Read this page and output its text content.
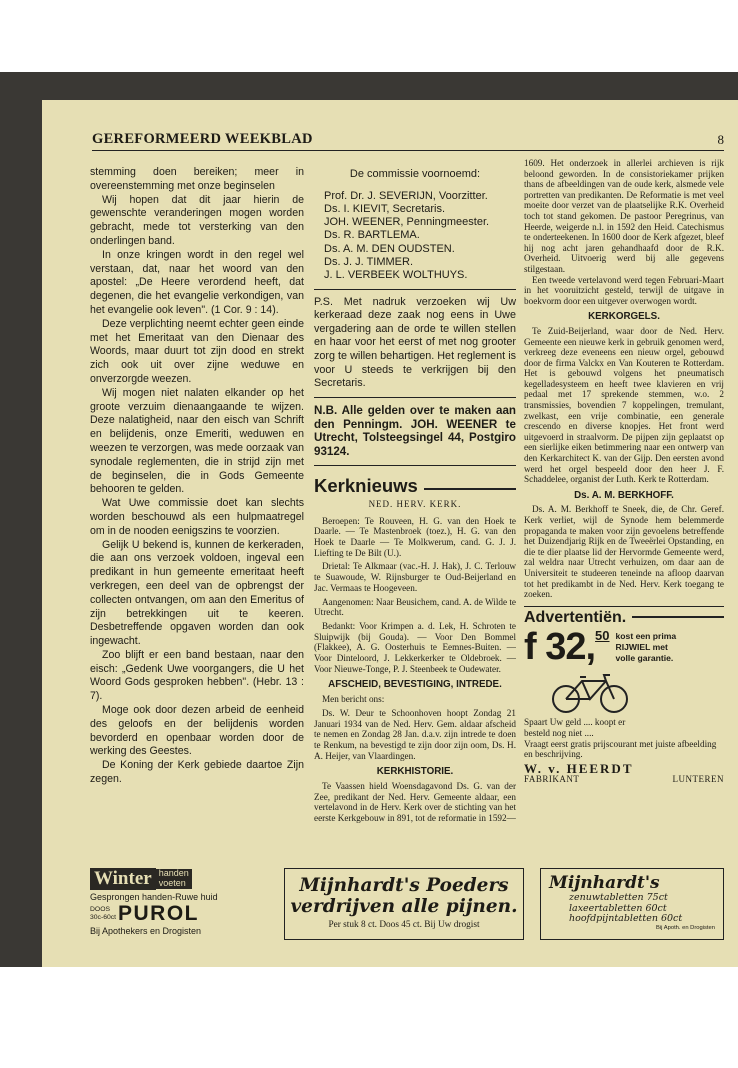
GEREFORMEERD WEEKBLAD	8

stemming doen bereiken; meer in overeenstemming met onze beginselen

Wij hopen dat dit jaar hierin de gewenschte veranderingen mogen worden gebracht, mede tot versterking van den onderlingen band.

In onze kringen wordt in den regel wel verstaan, dat, naar het woord van den apostel: „De Heere verordend heeft, dat degenen, die het evangelie verkondigen, van het evangelie ook leven". (1 Cor. 9 : 14).

Deze verplichting neemt echter geen einde met het Emeritaat van den Dienaar des Woords, maar duurt tot zijn dood en strekt zich ook uit over zijne weduwe en onverzorgde weezen.

Wij mogen niet nalaten elkander op het groote verzuim dienaangaande te wijzen. Deze nalatigheid, naar den eisch van Schrift en belijdenis, onze Emeriti, weduwen en weezen te verzorgen, was mede oorzaak van synodale reglementen, die in strijd zijn met de beginselen, die in Gods Gemeente behooren te gelden.

Wat Uwe commissie doet kan slechts worden beschouwd als een hulpmaatregel om in de nooden eenigszins te voorzien.

Gelijk U bekend is, kunnen de kerkeraden, die aan ons verzoek voldoen, ingeval een predikant in hun gemeente emeritaat heeft verkregen, een deel van de opbrengst der collecten ontvangen, om aan den Emeritus of zijn betrekkingen uit te keeren. Desbetreffende opgaven worden dan ook ingewacht.

Zoo blijft er een band bestaan, naar den eisch: „Gedenk Uwe voorgangers, die U het Woord Gods gesproken hebben". (Hebr. 13 : 7).

Moge ook door dezen arbeid de eenheid des geloofs en der belijdenis worden bevorderd en openbaar worden door de werking des Geestes.

De Koning der Kerk gebiede daartoe Zijn zegen.

De commissie voornoemd:

Prof. Dr. J. SEVERIJN, Voorzitter.

Ds. I. KIEVIT, Secretaris.

JOH. WEENER, Penningmeester.

Ds. R. BARTLEMA.

Ds. A. M. DEN OUDSTEN.

Ds. J. J. TIMMER.

J. L. VERBEEK WOLTHUYS.

P.S. Met nadruk verzoeken wij Uw kerkeraad deze zaak nog eens in Uwe vergadering aan de orde te willen stellen en haar voor het eerst of met nog grooter zorg te willen behartigen. Het reglement is voor U steeds te verkrijgen bij den Secretaris.

N.B. Alle gelden over te maken aan den Penningm. JOH. WEENER te Utrecht, Tolsteegsingel 44, Postgiro 93124.

Kerknieuws
NED. HERV. KERK.

Beroepen: Te Rouveen, H. G. van den Hoek te Daarle. — Te Mastenbroek (toez.), H. G. van den Hoek te Daarle — Te Molkwerum, cand. G. J. J. Liefting te De Bilt (U.).

Drietal: Te Alkmaar (vac.-H. J. Hak), J. C. Terlouw te Suawoude, W. Rijnsburger te Oud-Beijerland en Jac. Vermaas te Hoogeveen.

Aangenomen: Naar Beusichem, cand. A. de Wilde te Utrecht.

Bedankt: Voor Krimpen a. d. Lek, H. Schroten te Sluipwijk (bij Gouda). — Voor Den Bommel (Flakkee), A. G. Oosterhuis te Eemnes-Buiten. — Voor Dinteloord, J. Lekkerkerker te Oldebroek. — Voor Nieuwe-Tonge, P. J. Steenbeek te Oudewater.

AFSCHEID, BEVESTIGING, INTREDE.

Men bericht ons:

Ds. W. Deur te Schoonhoven hoopt Zondag 21 Januari 1934 van de Ned. Herv. Gem. aldaar afscheid te nemen en Zondag 28 Jan. d.a.v. zijn intrede te doen te Renkum, na bevestigd te zijn door zijn oom, Ds. H. A. Heijer, van Vlaardingen.

KERKHISTORIE.

Te Vaassen hield Woensdagavond Ds. G. van der Zee, predikant der Ned. Herv. Gemeente aldaar, een vertelavond in de Herv. Kerk over de stichting van het eerste Kerkgebouw in 891, tot de reformatie in 1592—

1609. Het onderzoek in allerlei archieven is rijk beloond geworden. In de consistoriekamer prijken thans de afbeeldingen van de oude kerk, alsmede vele portretten van predikanten. De Reformatie is met veel moeite door verzet van de plaatselijke R.K. Overheid toch tot stand gekomen. De pastoor Peregrinus, van Heerde, weigerde n.l. in 1592 den Heid. Catechismus te onderteekenen. In 1600 door de Kerk afgezet, bleef hij nog acht jaren gehandhaafd door de R.K. Overheid. Uitvoerig werd bij alle gegevens stilgestaan.

Een tweede vertelavond werd tegen Februari-Maart in het vooruitzicht gesteld, terwijl de uitgave in boekvorm door een uitgever overwogen wordt.

KERKORGELS.

Te Zuid-Beijerland, waar door de Ned. Herv. Gemeente een nieuwe kerk in gebruik genomen werd, verkreeg deze eveneens een nieuw orgel, gebouwd door de firma Valckx en Van Kouteren te Rotterdam. Het is gebouwd volgens het pneumatisch kegelladesysteem en heeft twee klavieren en vrij pedaal met 17 sprekende stemmen, w.o. 2 transmissies, bovendien 7 koppelingen, tremulant, zwelkast, een vrije combinatie, een generale crescendo en diverse knopjes. Het front werd uitgevoerd in straalvorm. De pijpen zijn geplaatst op een sierlijke eiken betimmering naar een ontwerp van den Kerkarchitect K. van der Gijp. Den eersten avond werd het orgel bespeeld door den heer J. F. Schaddelee, organist der Luth. Kerk te Rotterdam.

Ds. A. M. BERKHOFF.

Ds. A. M. Berkhoff te Sneek, die, de Chr. Geref. Kerk verliet, wijl de Synode hem belemmerde propaganda te maken voor zijn gevoelens betreffende het Duizendjarig Rijk en de Tweeërlei Opstanding, en die te dier plaatse lid der Hervormde Gemeente werd, zal weldra naar Utrecht verhuizen, om daar aan de Universiteit te studeeren teneinde na afloop daarvan tot het predikambt in de Ned. Herv. Kerk toegang te zoeken.

Advertentiën.
f 32, 50 kost een prima
RIJWIEL met
volle garantie.
Spaart Uw geld .... koopt er
besteld nog niet ....
Vraagt eerst gratis prijscourant met juiste afbeelding en beschrijving.
W. v. HEERDT
FABRIKANT	LUNTEREN
Winter handen
voeten
Gesprongen handen-Ruwe huid
DOOS
30c-60ct PUROL
Bij Apothekers en Drogisten
Mijnhardt's Poeders
verdrijven alle pijnen.
Per stuk 8 ct. Doos 45 ct. Bij Uw drogist
Mijnhardt's
zenuwtabletten 75ct
laxeertabletten 60ct
hoofdpijntabletten 60ct
Bij Apoth. en Drogisten
